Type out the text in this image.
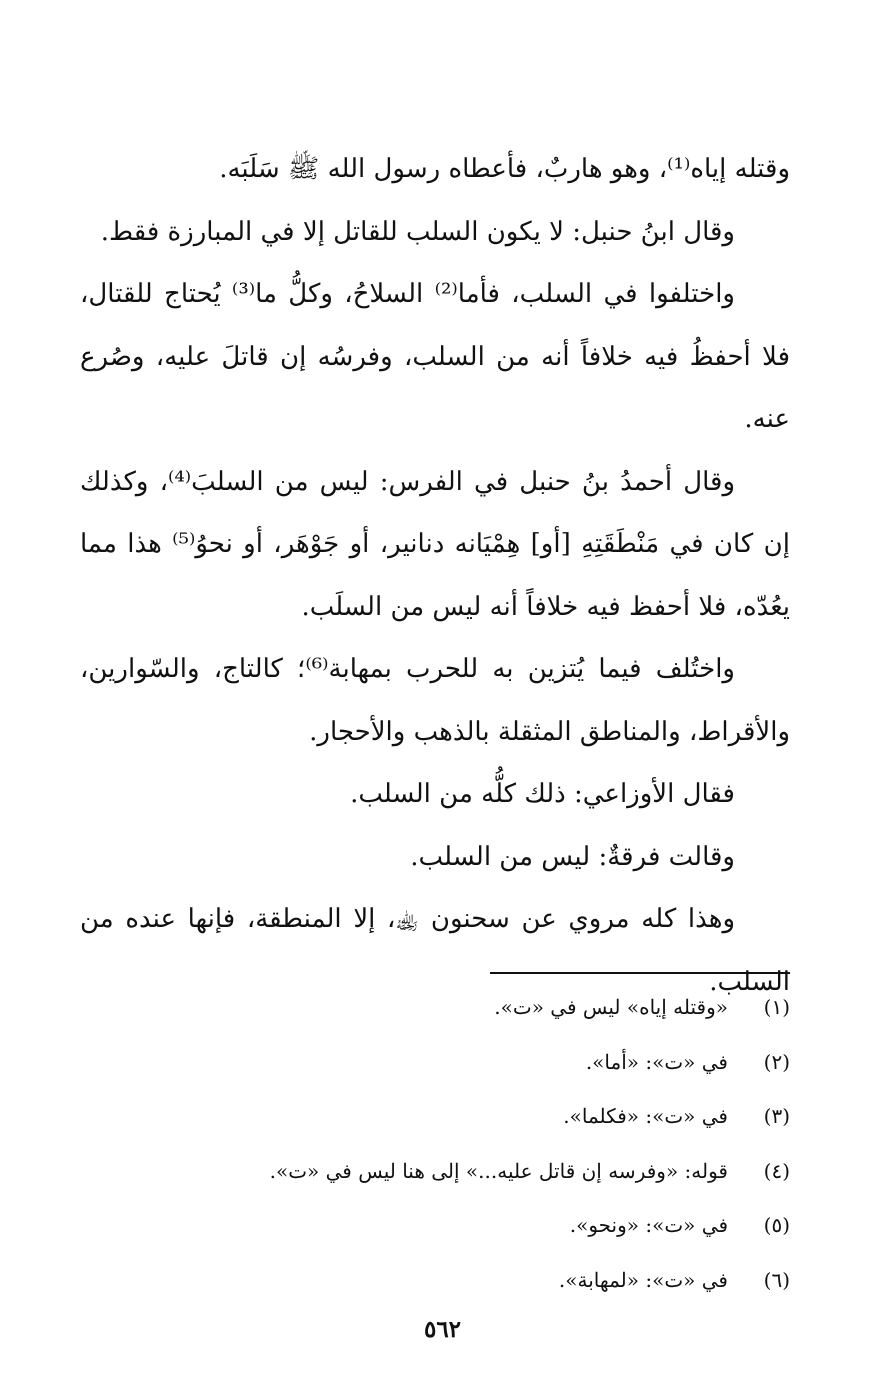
وقتله إياه⁽¹⁾، وهو هاربٌ، فأعطاه رسول الله ﷺ سَلَبَه.

وقال ابنُ حنبل: لا يكون السلب للقاتل إلا في المبارزة فقط.

واختلفوا في السلب، فأما⁽²⁾ السلاحُ، وكلُّ ما⁽³⁾ يُحتاج للقتال، فلا أحفظُ فيه خلافاً أنه من السلب، وفرسُه إن قاتلَ عليه، وصُرع عنه.

وقال أحمدُ بنُ حنبل في الفرس: ليس من السلبَ⁽⁴⁾، وكذلك إن كان في مَنْطَقَتِهِ [أو] هِمْيَانه دنانير، أو جَوْهَر، أو نحوُ⁽⁵⁾ هذا مما يعُدّه، فلا أحفظ فيه خلافاً أنه ليس من السلَب.

واختُلف فيما يُتزين به للحرب بمهابة⁽⁶⁾؛ كالتاج، والسّوارين، والأقراط، والمناطق المثقلة بالذهب والأحجار.

فقال الأوزاعي: ذلك كلُّه من السلب.

وقالت فرقةٌ: ليس من السلب.

وهذا كله مروي عن سحنون ﵀، إلا المنطقة، فإنها عنده من السلب.

(١)
«وقتله إياه» ليس في «ت».
(٢)
في «ت»: «أما».
(٣)
في «ت»: «فكلما».
(٤)
قوله: «وفرسه إن قاتل عليه...» إلى هنا ليس في «ت».
(٥)
في «ت»: «ونحو».
(٦)
في «ت»: «لمهابة».
٥٦٢
